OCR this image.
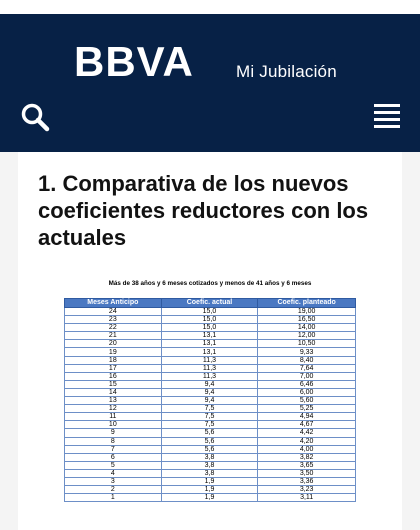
BBVA Mi Jubilación
1. Comparativa de los nuevos coeficientes reductores con los actuales
Más de 38 años y 6 meses cotizados y menos de 41 años y 6 meses
Meses Anticipo	Coefic. actual	Coefic. planteado
24	15,0	19,00
23	15,0	16,50
22	15,0	14,00
21	13,1	12,00
20	13,1	10,50
19	13,1	9,33
18	11,3	8,40
17	11,3	7,64
16	11,3	7,00
15	9,4	6,46
14	9,4	6,00
13	9,4	5,60
12	7,5	5,25
11	7,5	4,94
10	7,5	4,67
9	5,6	4,42
8	5,6	4,20
7	5,6	4,00
6	3,8	3,82
5	3,8	3,65
4	3,8	3,50
3	1,9	3,36
2	1,9	3,23
1	1,9	3,11
